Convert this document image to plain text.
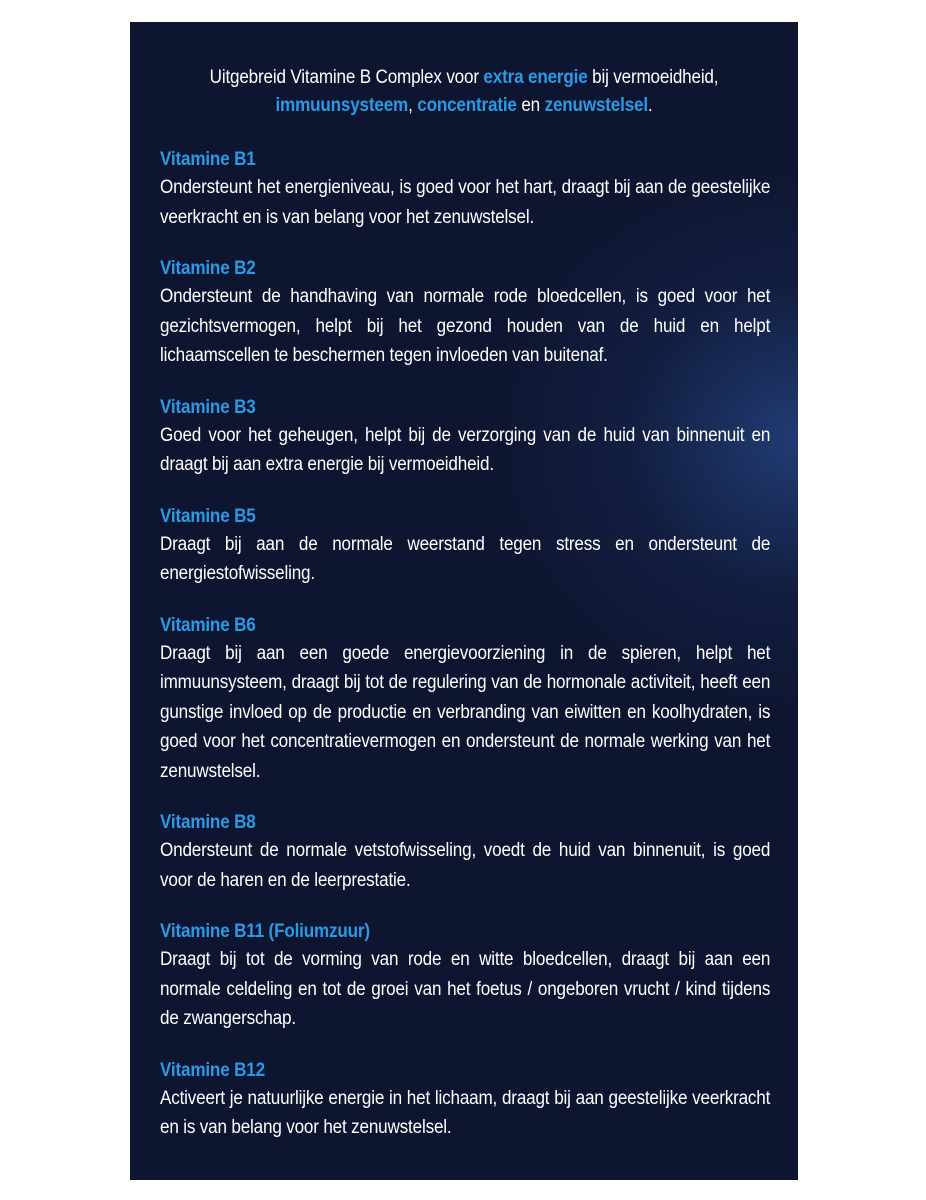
Uitgebreid Vitamine B Complex voor extra energie bij vermoeidheid,
immuunsysteem, concentratie en zenuwstelsel.
Vitamine B1
Ondersteunt het energieniveau, is goed voor het hart, draagt bij aan de geestelijke veerkracht en is van belang voor het zenuwstelsel.
Vitamine B2
Ondersteunt de handhaving van normale rode bloedcellen, is goed voor het gezichtsvermogen, helpt bij het gezond houden van de huid en helpt lichaamscellen te beschermen tegen invloeden van buitenaf.
Vitamine B3
Goed voor het geheugen, helpt bij de verzorging van de huid van binnenuit en draagt bij aan extra energie bij vermoeidheid.
Vitamine B5
Draagt bij aan de normale weerstand tegen stress en ondersteunt de energiestofwisseling.
Vitamine B6
Draagt bij aan een goede energievoorziening in de spieren, helpt het immuunsysteem, draagt bij tot de regulering van de hormonale activiteit, heeft een gunstige invloed op de productie en verbranding van eiwitten en koolhydraten, is goed voor het concentratievermogen en ondersteunt de normale werking van het zenuwstelsel.
Vitamine B8
Ondersteunt de normale vetstofwisseling, voedt de huid van binnenuit, is goed voor de haren en de leerprestatie.
Vitamine B11 (Foliumzuur)
Draagt bij tot de vorming van rode en witte bloedcellen, draagt bij aan een normale celdeling en tot de groei van het foetus / ongeboren vrucht / kind tijdens de zwangerschap.
Vitamine B12
Activeert je natuurlijke energie in het lichaam, draagt bij aan geestelijke veerkracht en is van belang voor het zenuwstelsel.
